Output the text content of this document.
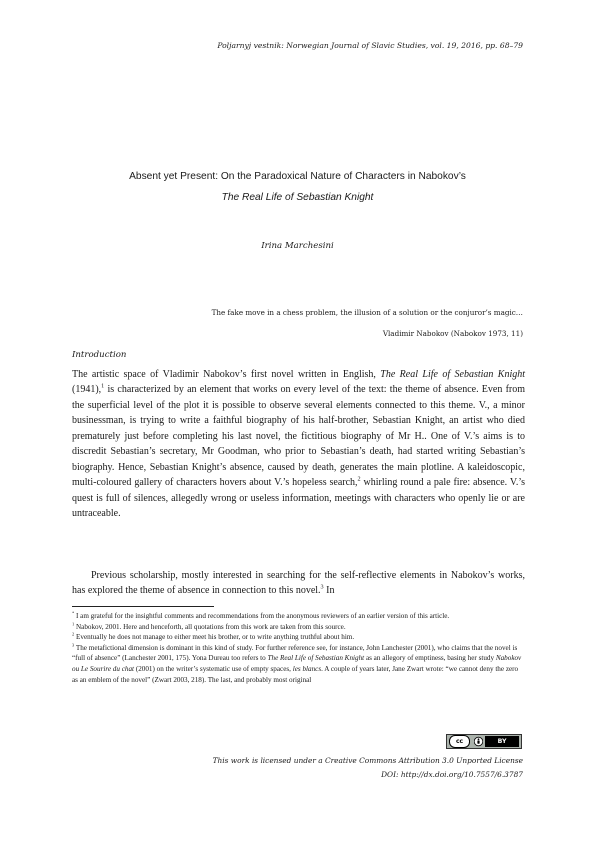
Poljarnyj vestnik: Norwegian Journal of Slavic Studies, vol. 19, 2016, pp. 68–79
Absent yet Present: On the Paradoxical Nature of Characters in Nabokov’s
The Real Life of Sebastian Knight
Irina Marchesini
The fake move in a chess problem, the illusion of a solution or the conjuror’s magic…
Vladimir Nabokov (Nabokov 1973, 11)
Introduction

The artistic space of Vladimir Nabokov’s first novel written in English, The Real Life of Sebastian Knight (1941),$^1$ is characterized by an element that works on every level of the text: the theme of absence. Even from the superficial level of the plot it is possible to observe several elements connected to this theme. V., a minor businessman, is trying to write a faithful biography of his half-brother, Sebastian Knight, an artist who died prematurely just before completing his last novel, the fictitious biography of Mr H.. One of V.’s aims is to discredit Sebastian’s secretary, Mr Goodman, who prior to Sebastian’s death, had started writing Sebastian’s biography. Hence, Sebastian Knight’s absence, caused by death, generates the main plotline. A kaleidoscopic, multi-coloured gallery of characters hovers about V.’s hopeless search,$^2$ whirling round a pale fire: absence. V.’s quest is full of silences, allegedly wrong or useless information, meetings with characters who openly lie or are untraceable.

Previous scholarship, mostly interested in searching for the self-reflective elements in Nabokov’s works, has explored the theme of absence in connection to this novel.$^3$ In

* I am grateful for the insightful comments and recommendations from the anonymous reviewers of an earlier version of this article.

$^1$ Nabokov, 2001. Here and henceforth, all quotations from this work are taken from this source.

$^2$ Eventually he does not manage to either meet his brother, or to write anything truthful about him.

$^3$ The metafictional dimension is dominant in this kind of study. For further reference see, for instance, John Lanchester (2001), who claims that the novel is “full of absence” (Lanchester 2001, 175). Yona Dureau too refers to The Real Life of Sebastian Knight as an allegory of emptiness, basing her study Nabokov ou Le Sourire du chat (2001) on the writer’s systematic use of empty spaces, les blancs. A couple of years later, Jane Zwart wrote: “we cannot deny the zero as an emblem of the novel” (Zwart 2003, 218). The last, and probably most original

cc	BY
This work is licensed under a Creative Commons Attribution 3.0 Unported License
DOI: http://dx.doi.org/10.7557/6.3787
